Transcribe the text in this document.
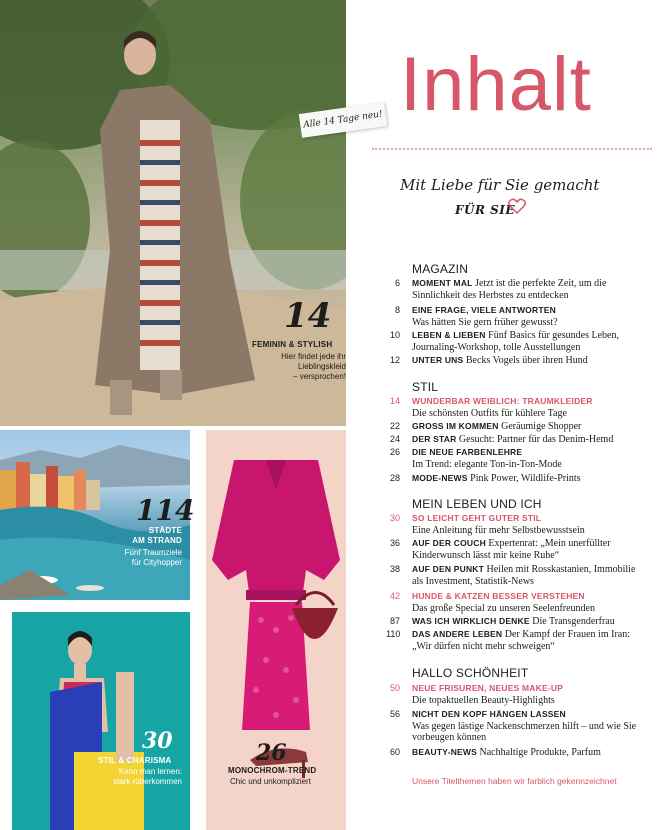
14
FEMININ & STYLISH
Hier findet jede ihr
Lieblingskleid
– versprochen!
Alle 14 Tage neu!
114
STÄDTE
AM STRAND
Fünf Traumziele
für Cityhopper
30
STIL & CHARISMA
Kann man lernen:
stark rüberkommen
26
MONOCHROM-TREND
Chic und unkompliziert
Inhalt
Mit Liebe für Sie gemacht
FÜR SIE
MAGAZIN
6 MOMENT MAL Jetzt ist die perfekte Zeit, um die Sinnlichkeit des Herbstes zu entdecken
8 EINE FRAGE, VIELE ANTWORTEN
Was hätten Sie gern früher gewusst?
10 LEBEN & LIEBEN Fünf Basics für gesundes Leben, Journaling-Workshop, tolle Ausstellungen
12 UNTER UNS Becks Vogels über ihren Hund
STIL
14 WUNDERBAR WEIBLICH: TRAUMKLEIDER
Die schönsten Outfits für kühlere Tage
22 GROSS IM KOMMEN Geräumige Shopper
24 DER STAR Gesucht: Partner für das Denim-Hemd
26 DIE NEUE FARBENLEHRE
Im Trend: elegante Ton-in-Ton-Mode
28 MODE-NEWS Pink Power, Wildlife-Prints
MEIN LEBEN UND ICH
30 SO LEICHT GEHT GUTER STIL
Eine Anleitung für mehr Selbstbewusstsein
36 AUF DER COUCH Expertenrat: „Mein unerfüllter Kinderwunsch lässt mir keine Ruhe“
38 AUF DEN PUNKT Heilen mit Rosskastanien, Immobilie als Investment, Statistik-News
42 HUNDE & KATZEN BESSER VERSTEHEN
Das große Special zu unseren Seelenfreunden
87 WAS ICH WIRKLICH DENKE Die Transgenderfrau
110 DAS ANDERE LEBEN Der Kampf der Frauen im Iran: „Wir dürfen nicht mehr schweigen“
HALLO SCHÖNHEIT
50 NEUE FRISUREN, NEUES MAKE-UP
Die topaktuellen Beauty-Highlights
56 NICHT DEN KOPF HÄNGEN LASSEN
Was gegen lästige Nackenschmerzen hilft – und wie Sie vorbeugen können
60 BEAUTY-NEWS Nachhaltige Produkte, Parfum
Unsere Titelthemen haben wir farblich gekennzeichnet
